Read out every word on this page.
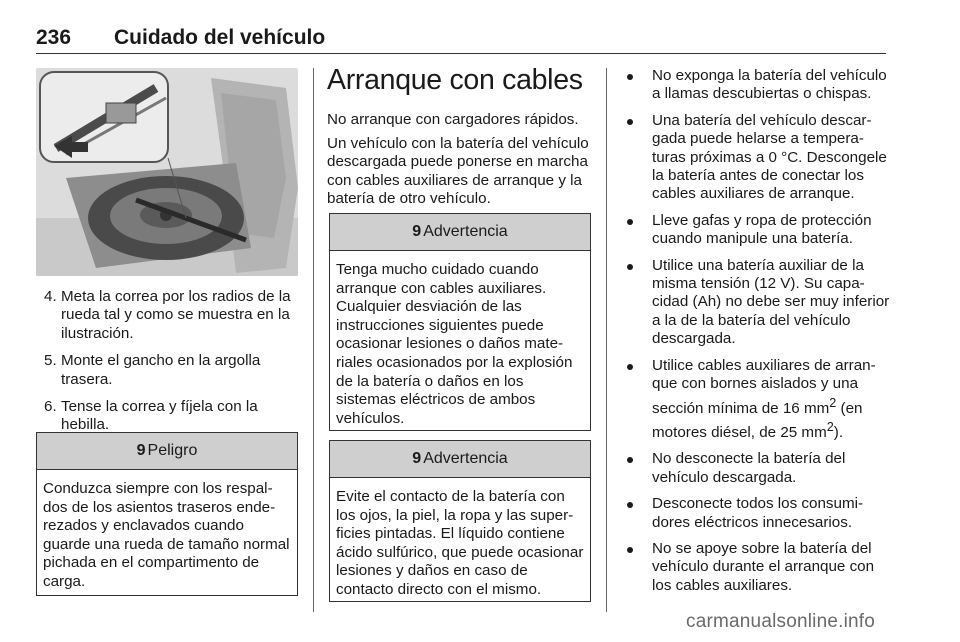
236 Cuidado del vehículo
4. Meta la correa por los radios de la rueda tal y como se muestra en la ilustración.
5. Monte el gancho en la argolla trasera.
6. Tense la correa y fíjela con la hebilla.
9 Peligro
Conduzca siempre con los respaldos de los asientos traseros enderezados y enclavados cuando guarde una rueda de tamaño normal pichada en el compartimento de carga.
Arranque con cables
No arranque con cargadores rápidos.
Un vehículo con la batería del vehículo descargada puede ponerse en marcha con cables auxiliares de arranque y la batería de otro vehículo.
9 Advertencia
Tenga mucho cuidado cuando arranque con cables auxiliares. Cualquier desviación de las instrucciones siguientes puede ocasionar lesiones o daños materiales ocasionados por la explosión de la batería o daños en los sistemas eléctricos de ambos vehículos.
9 Advertencia
Evite el contacto de la batería con los ojos, la piel, la ropa y las superficies pintadas. El líquido contiene ácido sulfúrico, que puede ocasionar lesiones y daños en caso de contacto directo con el mismo.
No exponga la batería del vehículo a llamas descubiertas o chispas.
Una batería del vehículo descargada puede helarse a temperaturas próximas a 0 °C. Descongele la batería antes de conectar los cables auxiliares de arranque.
Lleve gafas y ropa de protección cuando manipule una batería.
Utilice una batería auxiliar de la misma tensión (12 V). Su capacidad (Ah) no debe ser muy inferior a la de la batería del vehículo descargada.
Utilice cables auxiliares de arranque con bornes aislados y una sección mínima de 16 $mm^2$ (en motores diésel, de 25 $mm^2$).
No desconecte la batería del vehículo descargada.
Desconecte todos los consumidores eléctricos innecesarios.
No se apoye sobre la batería del vehículo durante el arranque con los cables auxiliares.
carmanualsonline.info
